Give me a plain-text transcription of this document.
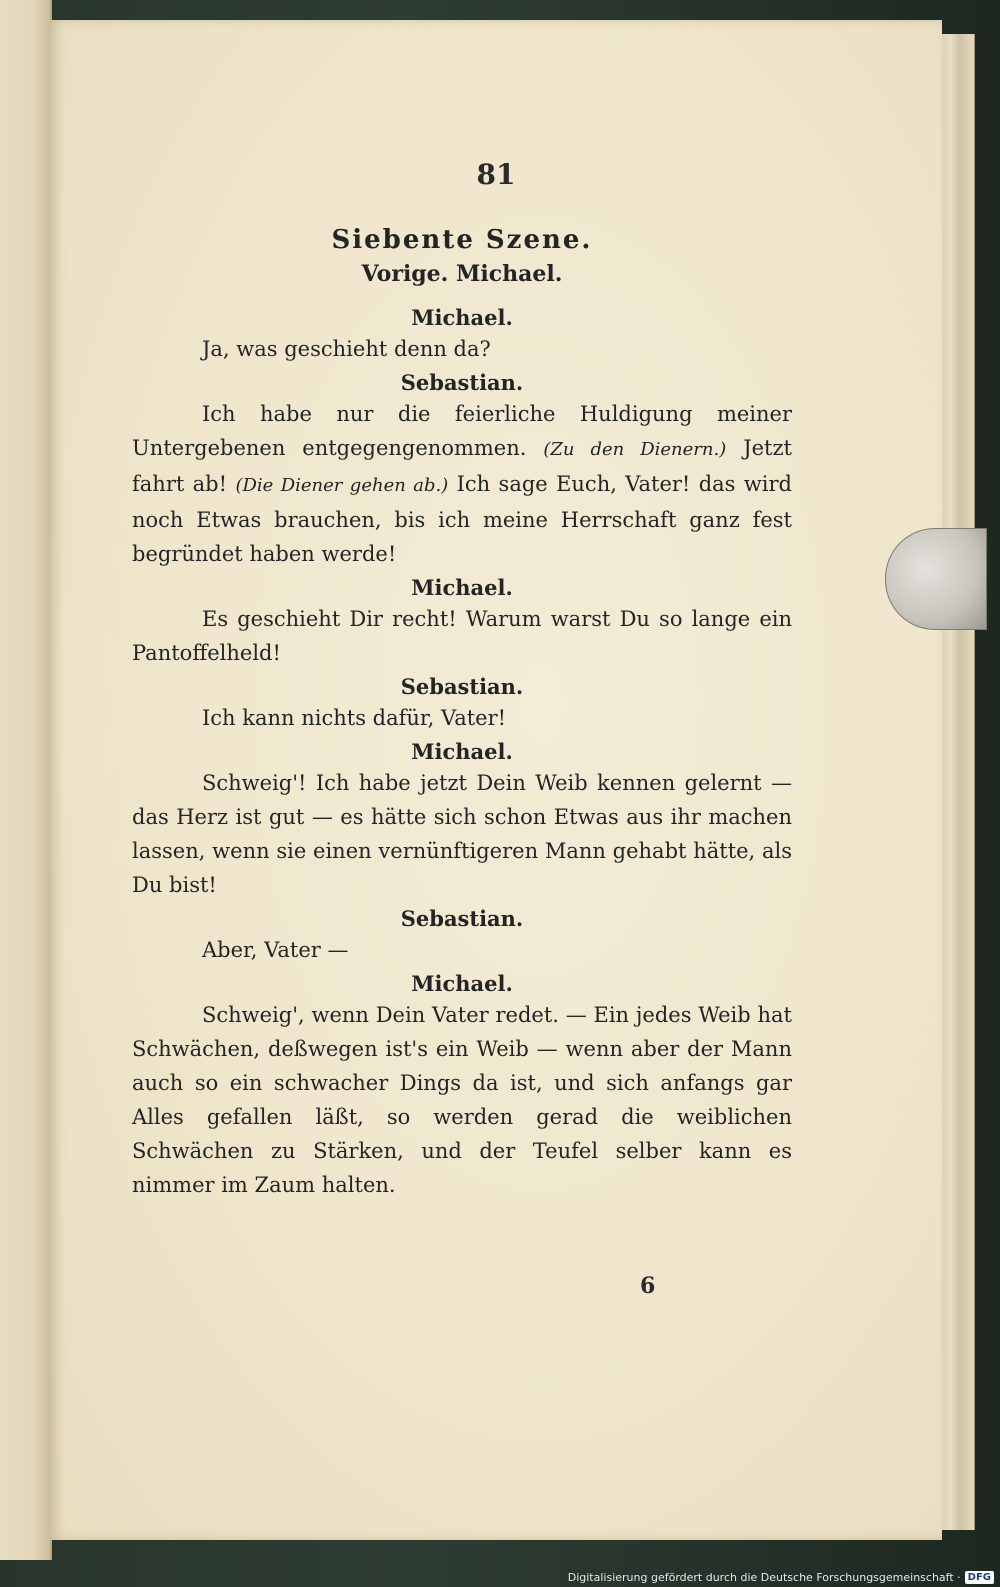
81
Siebente Szene.
Vorige. Michael.
Michael.

Ja, was geschieht denn da?

Sebastian.

Ich habe nur die feierliche Huldigung meiner Untergebenen entgegengenommen. (Zu den Dienern.) Jetzt fahrt ab! (Die Diener gehen ab.) Ich sage Euch, Vater! das wird noch Etwas brauchen, bis ich meine Herrschaft ganz fest begründet haben werde!

Michael.

Es geschieht Dir recht! Warum warst Du so lange ein Pantoffelheld!

Sebastian.

Ich kann nichts dafür, Vater!

Michael.

Schweig'! Ich habe jetzt Dein Weib kennen gelernt — das Herz ist gut — es hätte sich schon Etwas aus ihr machen lassen, wenn sie einen vernünftigeren Mann gehabt hätte, als Du bist!

Sebastian.

Aber, Vater —

Michael.

Schweig', wenn Dein Vater redet. — Ein jedes Weib hat Schwächen, deßwegen ist's ein Weib — wenn aber der Mann auch so ein schwacher Dings da ist, und sich anfangs gar Alles gefallen läßt, so werden gerad die weiblichen Schwächen zu Stärken, und der Teufel selber kann es nimmer im Zaum halten.

6
Digitalisierung gefördert durch die Deutsche Forschungsgemeinschaft · DFG
